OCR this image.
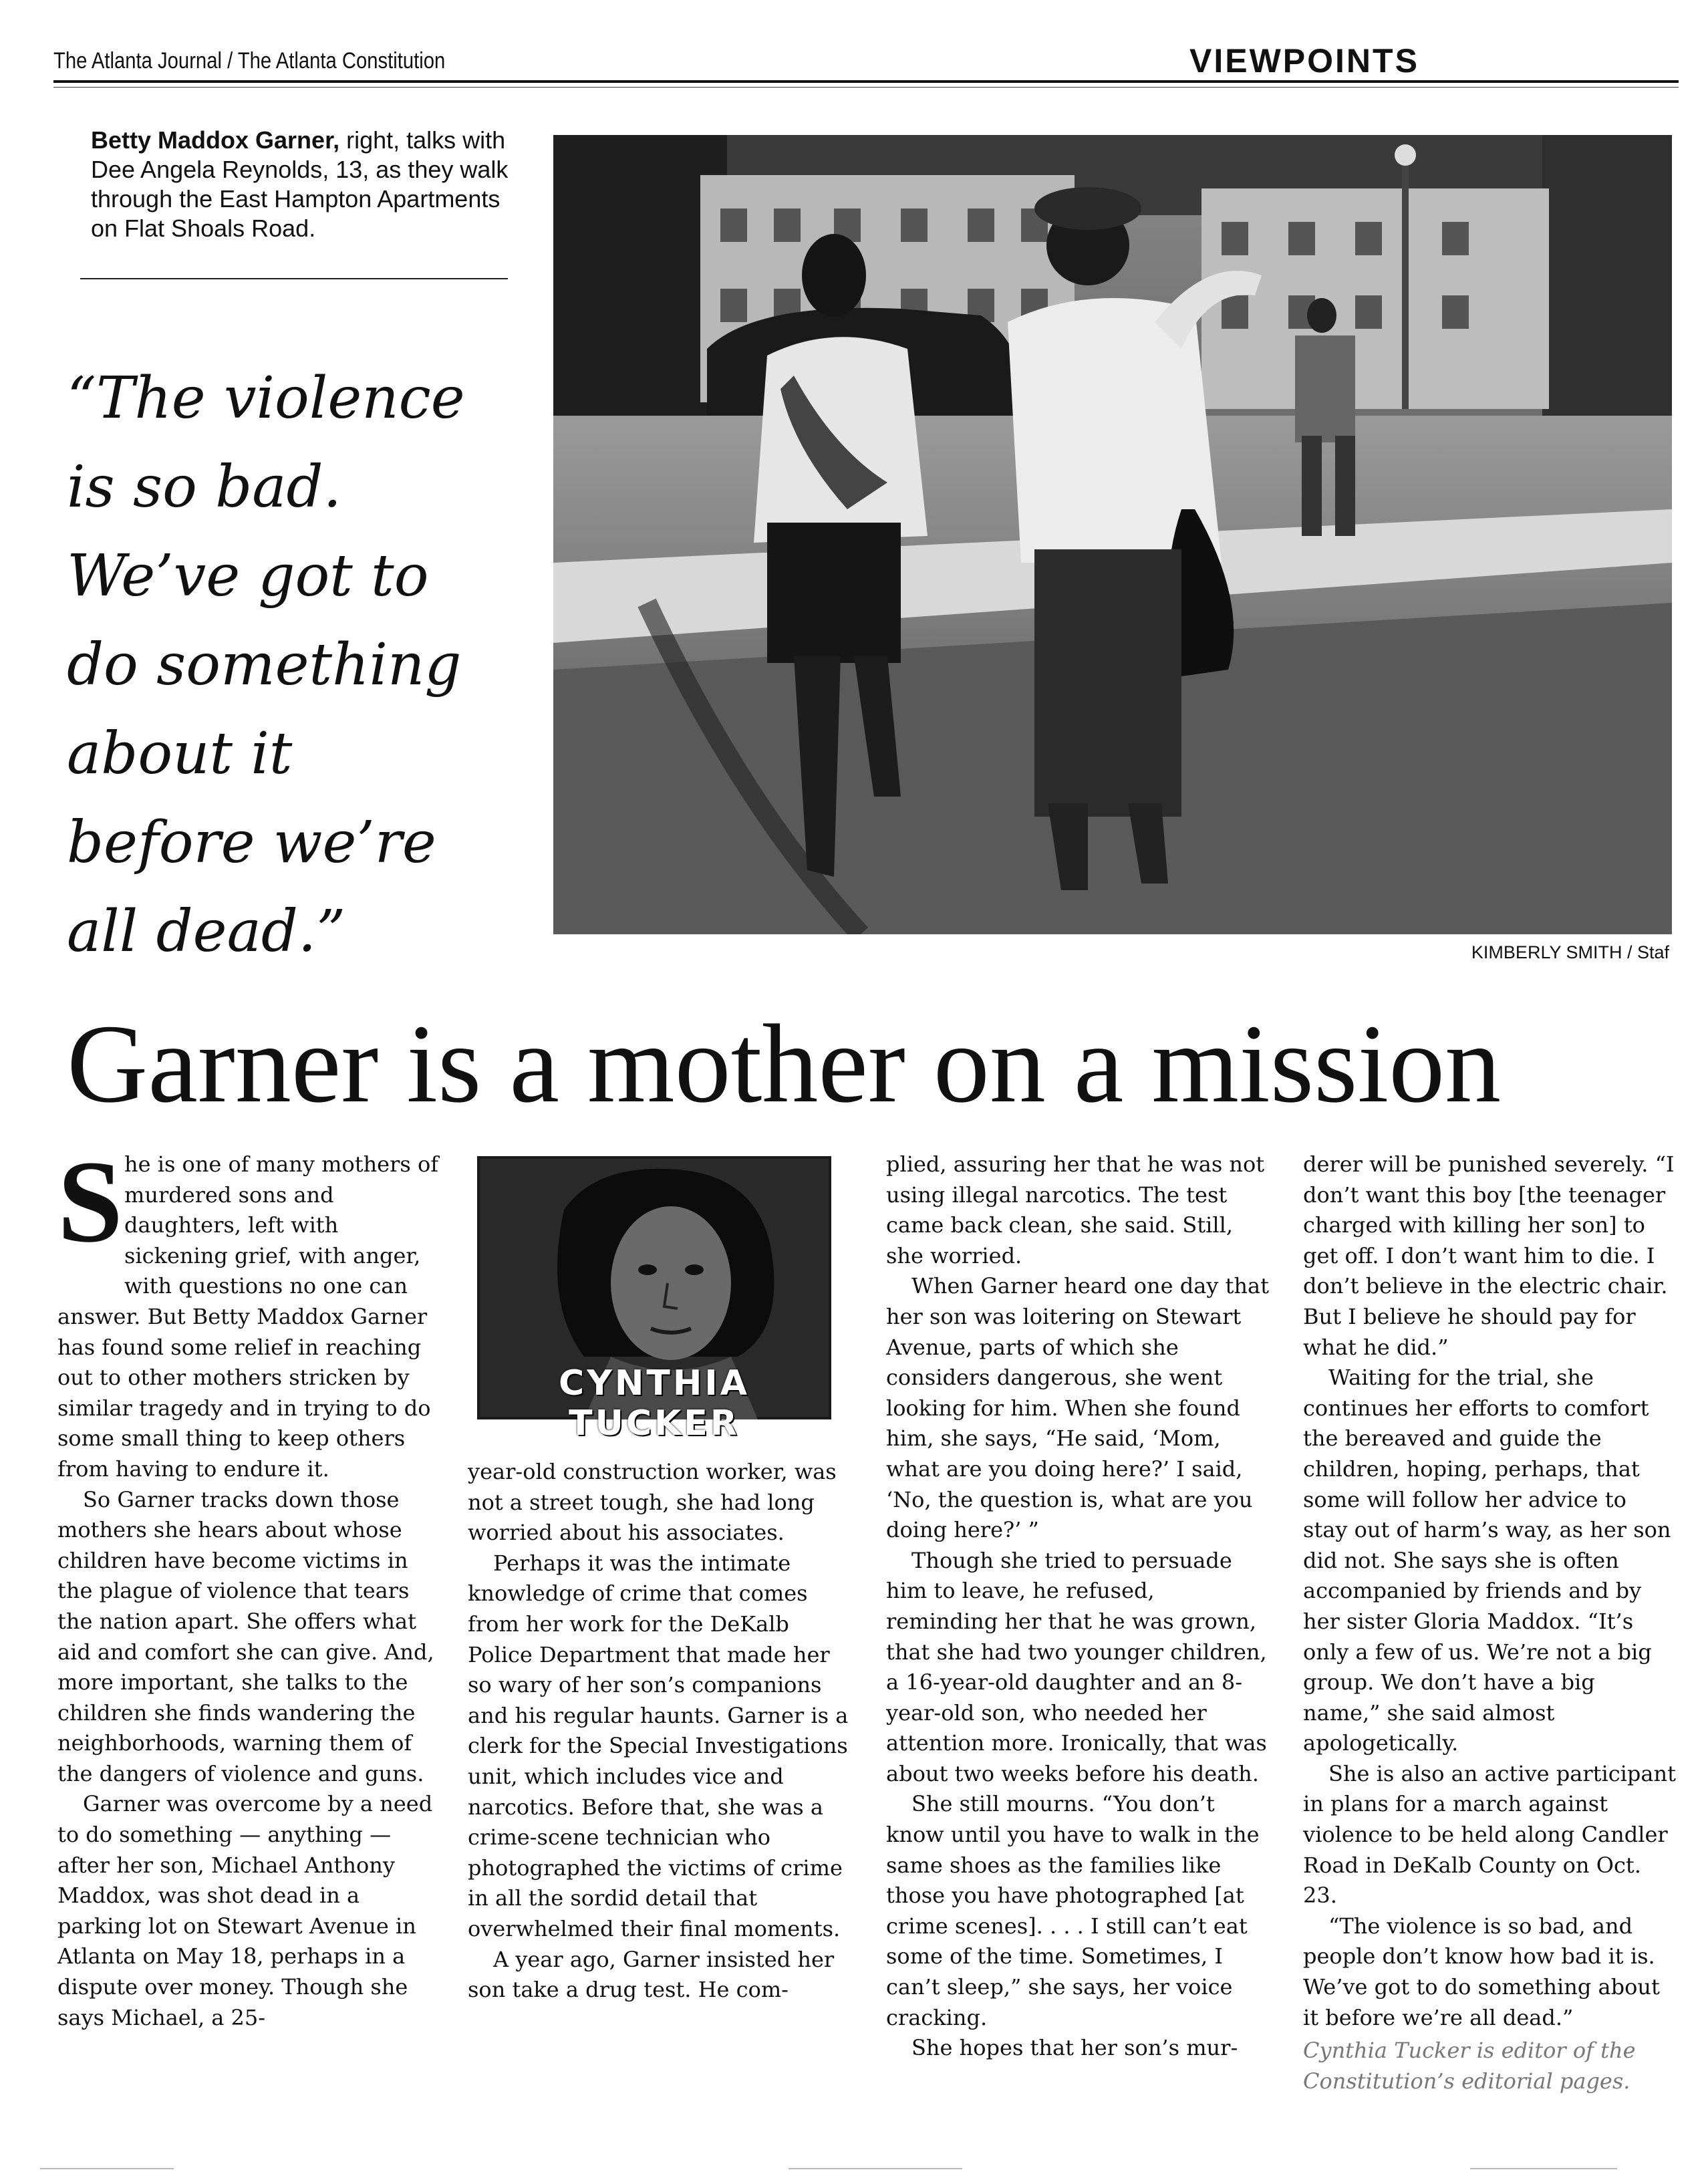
The Atlanta Journal / The Atlanta Constitution	VIEWPOINTS
Betty Maddox Garner, right, talks with Dee Angela Reynolds, 13, as they walk through the East Hampton Apartments on Flat Shoals Road.
“The violence is so bad. We’ve got to do something about it before we’re all dead.”	KIMBERLY SMITH / Staf
Garner is a mother on a mission
S he is one of many mothers of murdered sons and daughters, left with sickening grief, with anger, with questions no one can answer. But Betty Maddox Garner has found some relief in reaching out to other mothers stricken by similar tragedy and in trying to do some small thing to keep others from having to endure it.

So Garner tracks down those mothers she hears about whose children have become victims in the plague of violence that tears the nation apart. She offers what aid and comfort she can give. And, more important, she talks to the children she finds wandering the neighborhoods, warning them of the dangers of violence and guns.

Garner was overcome by a need to do something — anything — after her son, Michael Anthony Maddox, was shot dead in a parking lot on Stewart Avenue in Atlanta on May 18, perhaps in a dispute over money. Though she says Michael, a 25-

CYNTHIA TUCKER

year-old construction worker, was not a street tough, she had long worried about his associates.

Perhaps it was the intimate knowledge of crime that comes from her work for the DeKalb Police Department that made her so wary of her son’s companions and his regular haunts. Garner is a clerk for the Special Investigations unit, which includes vice and narcotics. Before that, she was a crime-scene technician who photographed the victims of crime in all the sordid detail that overwhelmed their final moments.

A year ago, Garner insisted her son take a drug test. He com-

plied, assuring her that he was not using illegal narcotics. The test came back clean, she said. Still, she worried.

When Garner heard one day that her son was loitering on Stewart Avenue, parts of which she considers dangerous, she went looking for him. When she found him, she says, “He said, ‘Mom, what are you doing here?’ I said, ‘No, the question is, what are you doing here?’ ”

Though she tried to persuade him to leave, he refused, reminding her that he was grown, that she had two younger children, a 16-year-old daughter and an 8-year-old son, who needed her attention more. Ironically, that was about two weeks before his death.

She still mourns. “You don’t know until you have to walk in the same shoes as the families like those you have photographed [at crime scenes]. . . . I still can’t eat some of the time. Sometimes, I can’t sleep,” she says, her voice cracking.

She hopes that her son’s mur-

derer will be punished severely. “I don’t want this boy [the teenager charged with killing her son] to get off. I don’t want him to die. I don’t believe in the electric chair. But I believe he should pay for what he did.”

Waiting for the trial, she continues her efforts to comfort the bereaved and guide the children, hoping, perhaps, that some will follow her advice to stay out of harm’s way, as her son did not. She says she is often accompanied by friends and by her sister Gloria Maddox. “It’s only a few of us. We’re not a big group. We don’t have a big name,” she said almost apologetically.

She is also an active participant in plans for a march against violence to be held along Candler Road in DeKalb County on Oct. 23.

“The violence is so bad, and people don’t know how bad it is. We’ve got to do something about it before we’re all dead.”

Cynthia Tucker is editor of the Constitution’s editorial pages.
